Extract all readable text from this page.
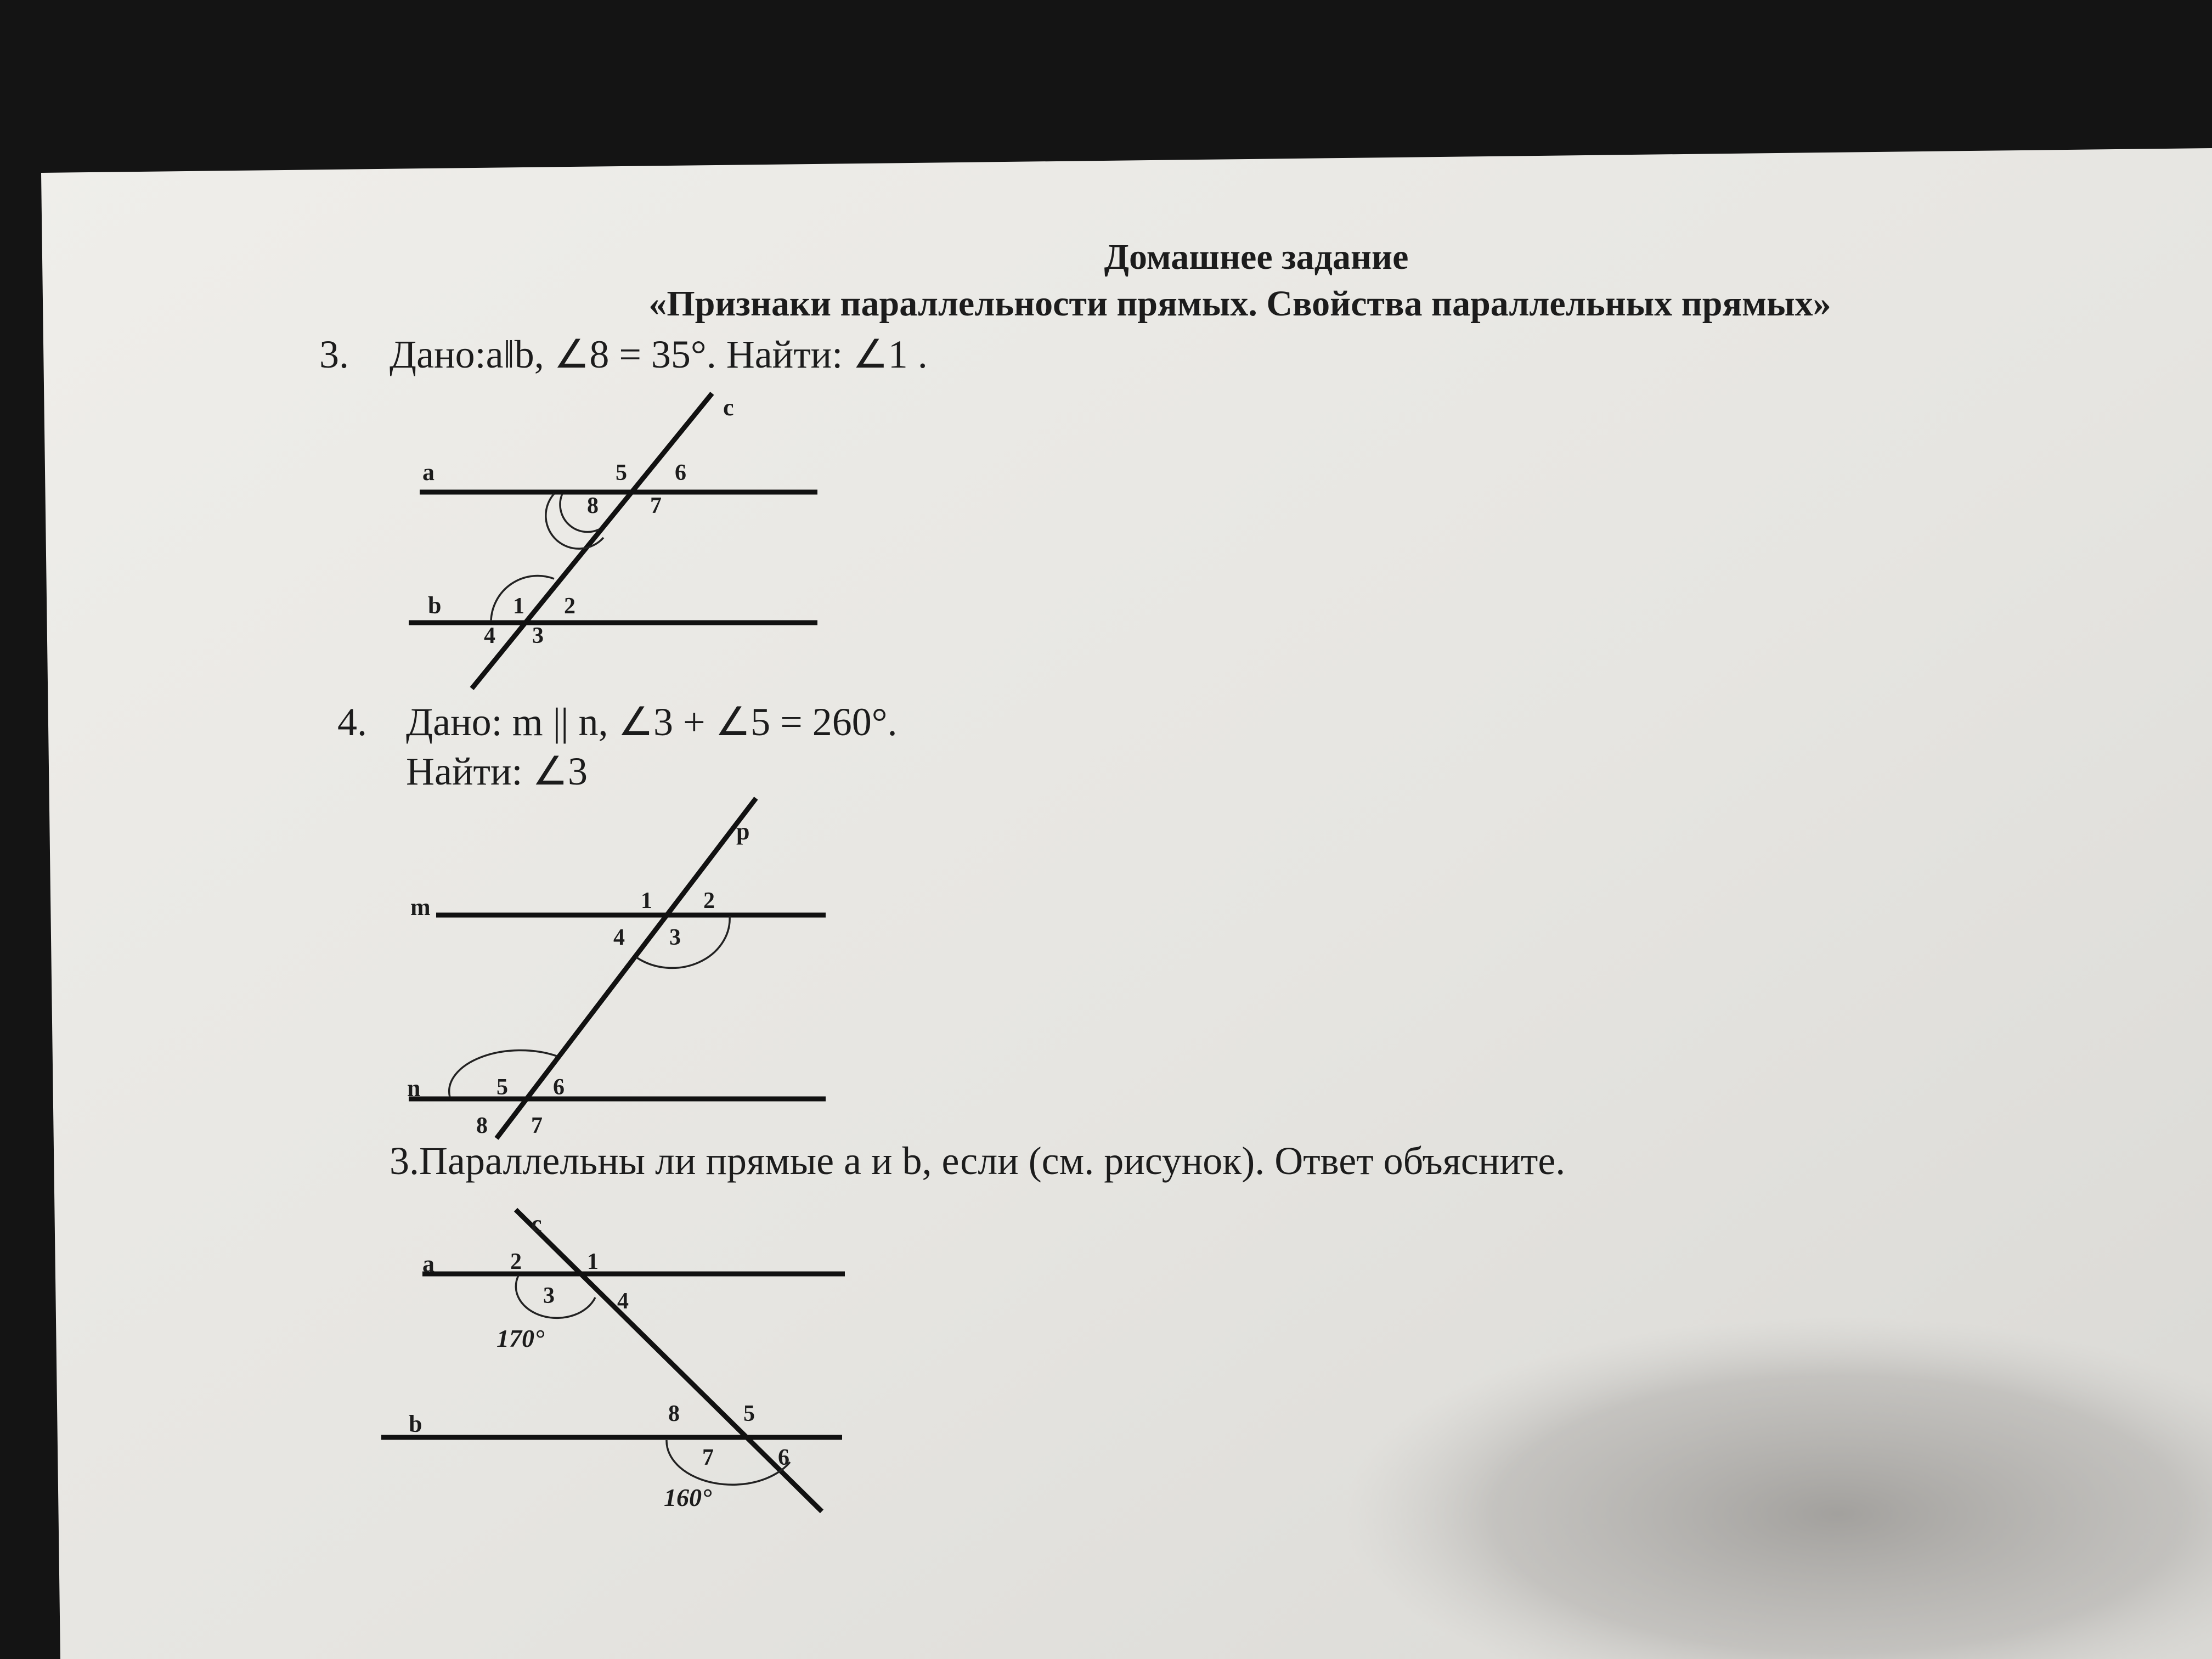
Домашнее задание
«Признаки параллельности прямых. Свойства параллельных прямых»
3. Дано:a‖b, ∠8 = 35°. Найти: ∠1 .
a
b
c
5 6
8 7
1 2
4 3
4. Дано: m || n, ∠3 + ∠5 = 260°.
Найти: ∠3
m
n
p
1 2
4 3
5 6
8 7
3.Параллельны ли прямые a и b, если (см. рисунок). Ответ объясните.
c
a
b
2	1
3	4
170°
8	5
7	6
160°
